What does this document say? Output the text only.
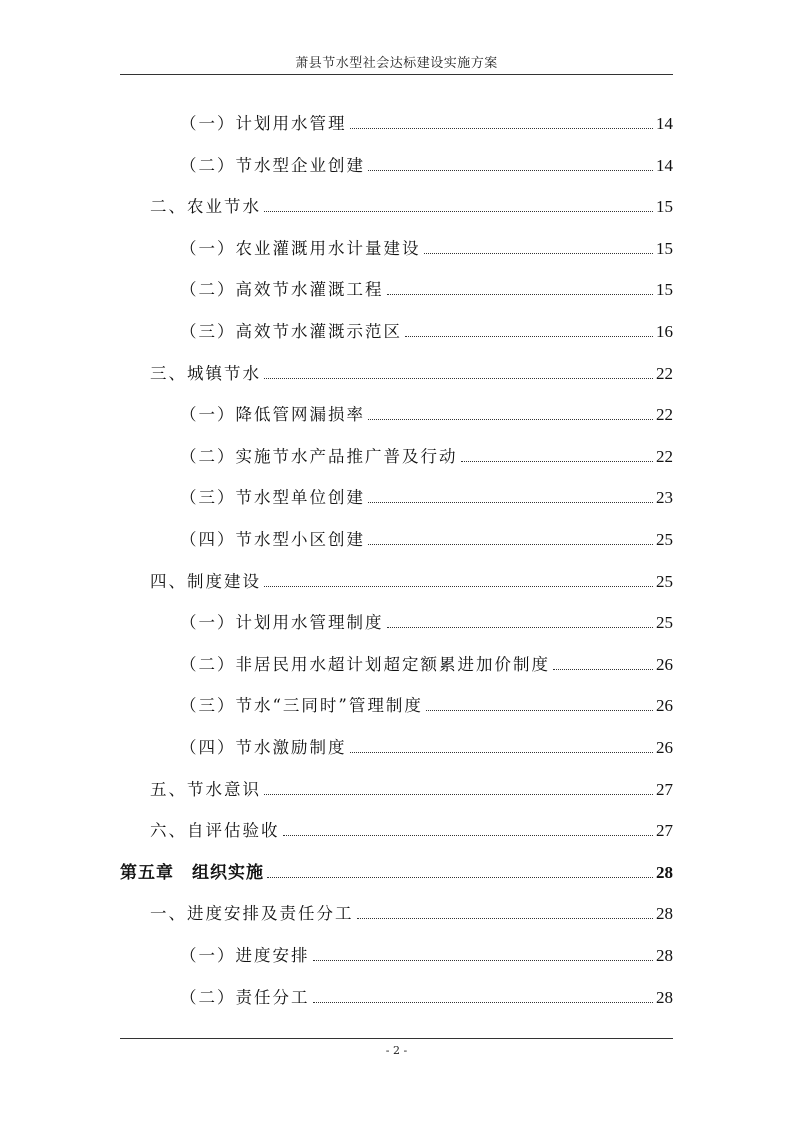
萧县节水型社会达标建设实施方案
（一）计划用水管理	14
（二）节水型企业创建	14
二、农业节水	15
（一）农业灌溉用水计量建设	15
（二）高效节水灌溉工程	15
（三）高效节水灌溉示范区	16
三、城镇节水	22
（一）降低管网漏损率	22
（二）实施节水产品推广普及行动	22
（三）节水型单位创建	23
（四）节水型小区创建	25
四、制度建设	25
（一）计划用水管理制度	25
（二）非居民用水超计划超定额累进加价制度	26
（三）节水“三同时”管理制度	26
（四）节水激励制度	26
五、节水意识	27
六、自评估验收	27
第五章　组织实施	28
一、进度安排及责任分工	28
（一）进度安排	28
（二）责任分工	28
- 2 -
